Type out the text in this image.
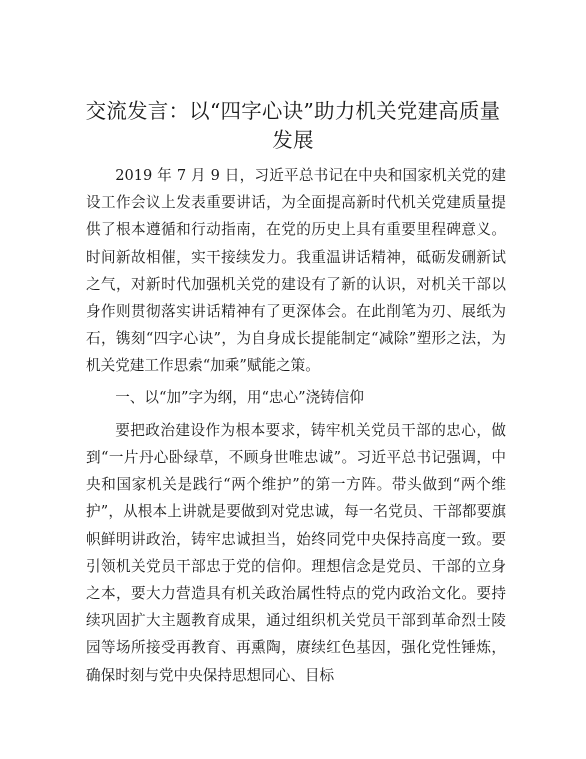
交流发言：以“四字心诀”助力机关党建高质量发展

2019 年 7 月 9 日，习近平总书记在中央和国家机关党的建设工作会议上发表重要讲话，为全面提高新时代机关党建质量提供了根本遵循和行动指南，在党的历史上具有重要里程碑意义。时间新故相催，实干接续发力。我重温讲话精神，砥砺发硎新试之气，对新时代加强机关党的建设有了新的认识，对机关干部以身作则贯彻落实讲话精神有了更深体会。在此削笔为刃、展纸为石，镌刻“四字心诀”，为自身成长提能制定“减除”塑形之法，为机关党建工作思索“加乘”赋能之策。

一、以“加”字为纲，用“忠心”浇铸信仰

要把政治建设作为根本要求，铸牢机关党员干部的忠心，做到“一片丹心卧绿草，不顾身世唯忠诚”。习近平总书记强调，中央和国家机关是践行“两个维护”的第一方阵。带头做到“两个维护”，从根本上讲就是要做到对党忠诚，每一名党员、干部都要旗帜鲜明讲政治，铸牢忠诚担当，始终同党中央保持高度一致。要引领机关党员干部忠于党的信仰。理想信念是党员、干部的立身之本，要大力营造具有机关政治属性特点的党内政治文化。要持续巩固扩大主题教育成果，通过组织机关党员干部到革命烈士陵园等场所接受再教育、再熏陶，赓续红色基因，强化党性锤炼，确保时刻与党中央保持思想同心、目标
